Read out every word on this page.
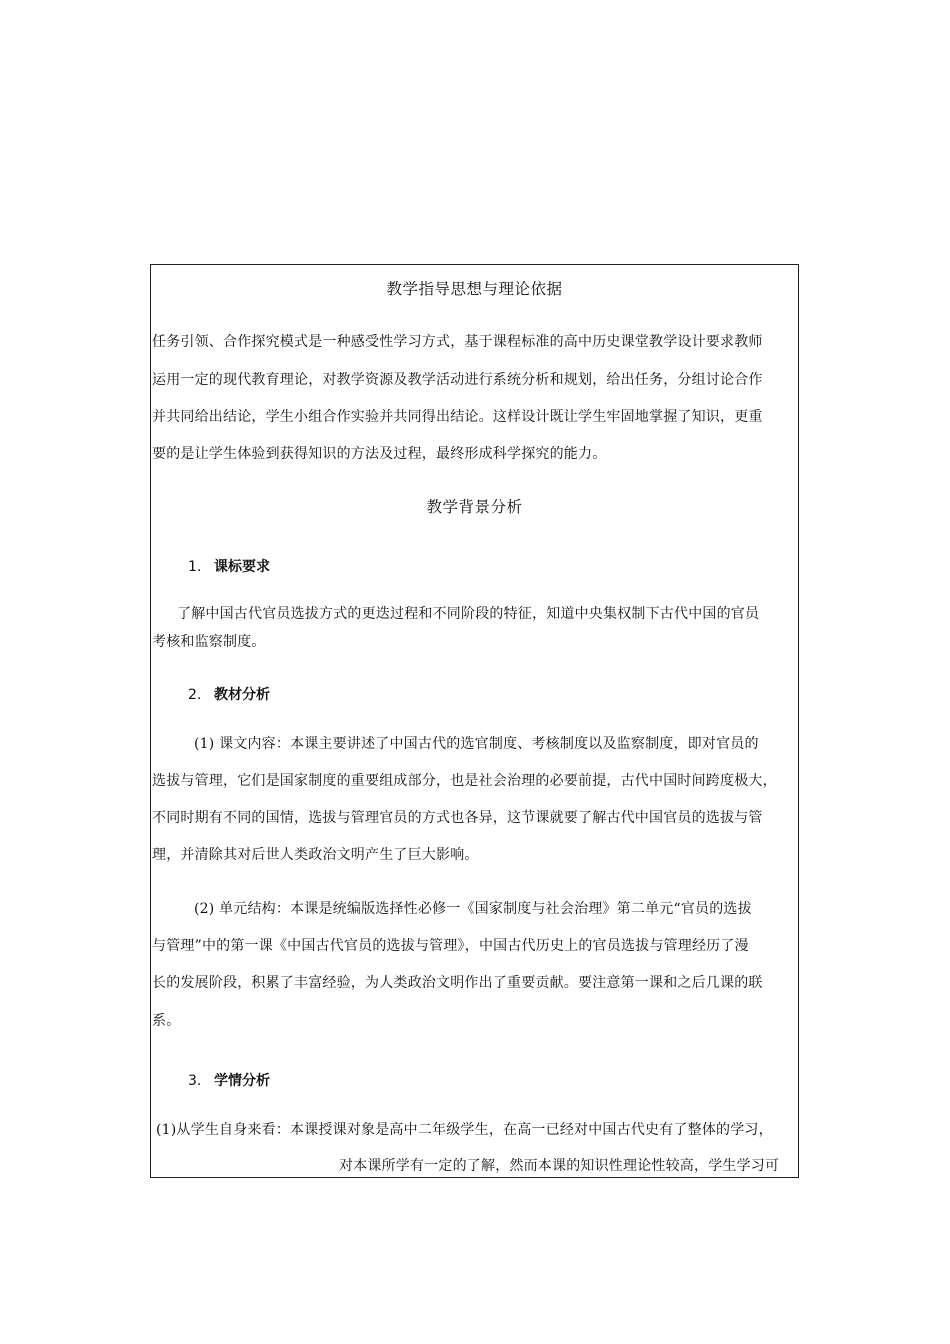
教学指导思想与理论依据
任务引领、合作探究模式是一种感受性学习方式，基于课程标准的高中历史课堂教学设计要求教师
运用一定的现代教育理论，对教学资源及教学活动进行系统分析和规划，给出任务，分组讨论合作
并共同给出结论，学生小组合作实验并共同得出结论。这样设计既让学生牢固地掌握了知识，更重
要的是让学生体验到获得知识的方法及过程，最终形成科学探究的能力。
教学背景分析
1. 课标要求
了解中国古代官员选拔方式的更迭过程和不同阶段的特征，知道中央集权制下古代中国的官员
考核和监察制度。
2. 教材分析
(1) 课文内容：本课主要讲述了中国古代的选官制度、考核制度以及监察制度，即对官员的
选拔与管理，它们是国家制度的重要组成部分，也是社会治理的必要前提，古代中国时间跨度极大，
不同时期有不同的国情，选拔与管理官员的方式也各异，这节课就要了解古代中国官员的选拔与管
理，并清除其对后世人类政治文明产生了巨大影响。
(2) 单元结构：本课是统编版选择性必修一《国家制度与社会治理》第二单元“官员的选拔
与管理”中的第一课《中国古代官员的选拔与管理》，中国古代历史上的官员选拔与管理经历了漫
长的发展阶段，积累了丰富经验，为人类政治文明作出了重要贡献。要注意第一课和之后几课的联
系。
3. 学情分析
(1)从学生自身来看：本课授课对象是高中二年级学生，在高一已经对中国古代史有了整体的学习，
对本课所学有一定的了解，然而本课的知识性理论性较高，学生学习可
